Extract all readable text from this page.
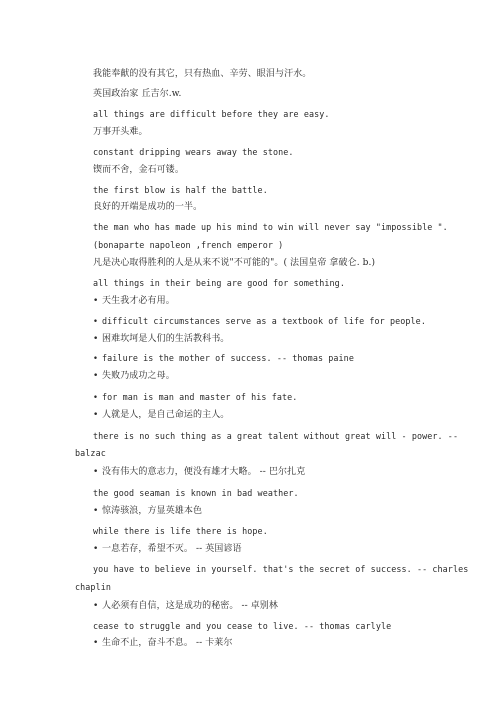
我能奉献的没有其它，只有热血、辛劳、眼泪与汗水。
英国政治家 丘吉尔.w.
all things are difficult before they are easy.
万事开头难。
constant dripping wears away the stone.
锲而不舍，金石可镂。
the first blow is half the battle.
良好的开端是成功的一半。
the man who has made up his mind to win will never say "impossible ".
(bonaparte napoleon ,french emperor )
凡是决心取得胜利的人是从来不说"不可能的"。( 法国皇帝 拿破仑. b.)
all things in their being are good for something.
• 天生我才必有用。
• difficult circumstances serve as a textbook of life for people.
• 困难坎坷是人们的生活教科书。
• failure is the mother of success. -- thomas paine
• 失败乃成功之母。
• for man is man and master of his fate.
• 人就是人，是自己命运的主人。
there is no such thing as a great talent without great will - power. --
balzac
• 没有伟大的意志力，便没有雄才大略。 -- 巴尔扎克
the good seaman is known in bad weather.
• 惊涛骇浪，方显英雄本色
while there is life there is hope.
• 一息若存，希望不灭。 -- 英国谚语
you have to believe in yourself. that's the secret of success. -- charles
chaplin
• 人必须有自信，这是成功的秘密。 -- 卓别林
cease to struggle and you cease to live. -- thomas carlyle
• 生命不止，奋斗不息。 -- 卡莱尔
